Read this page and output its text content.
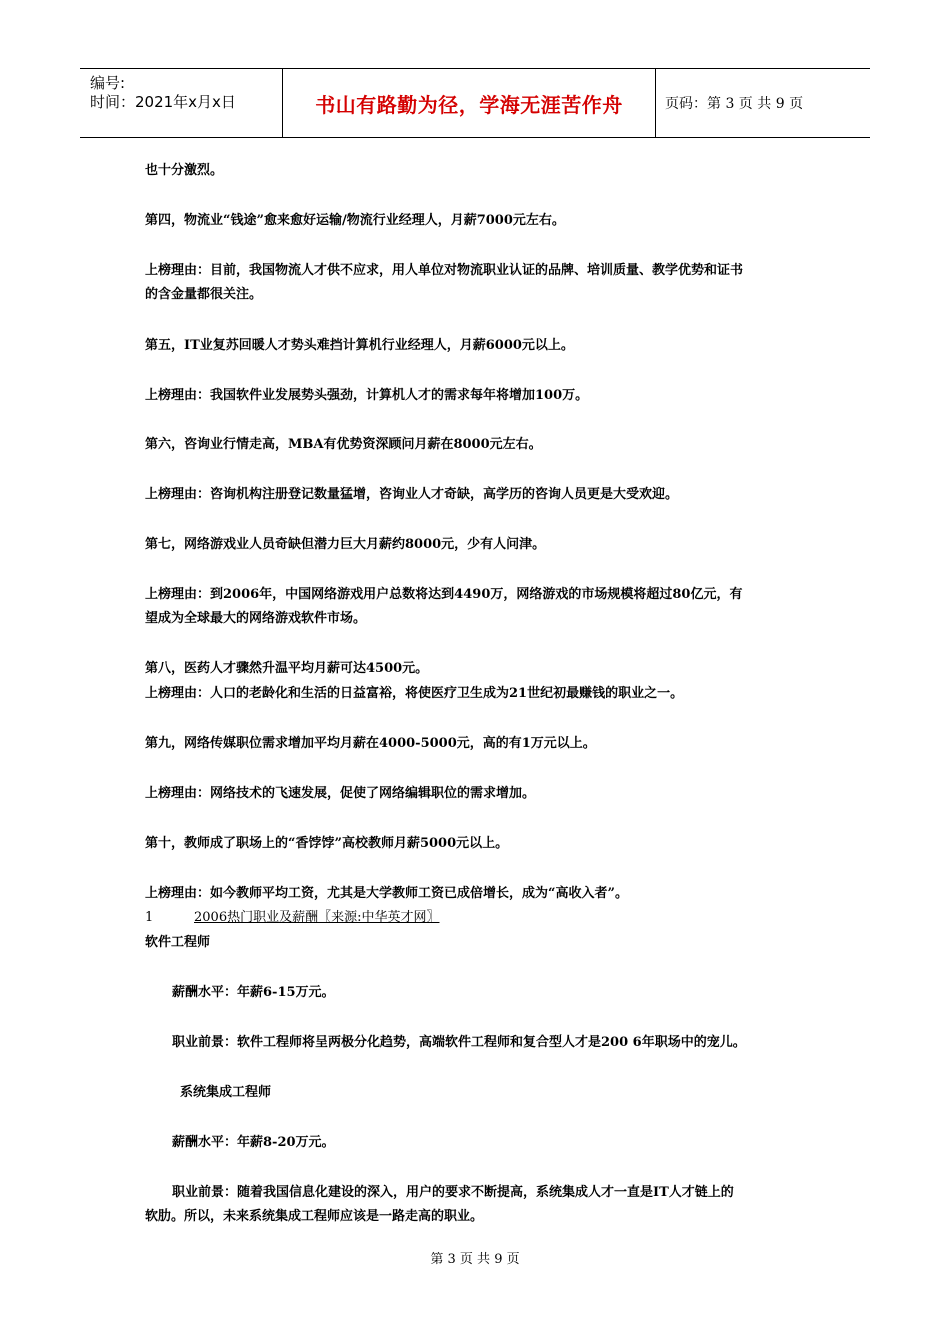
编号:
时间：2021年x月x日	书山有路勤为径，学海无涯苦作舟	页码：第 3 页 共 9 页
也十分激烈。
第四，物流业“钱途”愈来愈好运输/物流行业经理人，月薪7000元左右。
上榜理由：目前，我国物流人才供不应求，用人单位对物流职业认证的品牌、培训质量、教学优势和证书
的含金量都很关注。
第五，IT业复苏回暖人才势头难挡计算机行业经理人，月薪6000元以上。
上榜理由：我国软件业发展势头强劲，计算机人才的需求每年将增加100万。
第六，咨询业行情走高，MBA有优势资深顾问月薪在8000元左右。
上榜理由：咨询机构注册登记数量猛增，咨询业人才奇缺，高学历的咨询人员更是大受欢迎。
第七，网络游戏业人员奇缺但潜力巨大月薪约8000元，少有人问津。
上榜理由：到2006年，中国网络游戏用户总数将达到4490万，网络游戏的市场规模将超过80亿元，有
望成为全球最大的网络游戏软件市场。
第八，医药人才骤然升温平均月薪可达4500元。
上榜理由：人口的老龄化和生活的日益富裕，将使医疗卫生成为21世纪初最赚钱的职业之一。
第九，网络传媒职位需求增加平均月薪在4000-5000元，高的有1万元以上。
上榜理由：网络技术的飞速发展，促使了网络编辑职位的需求增加。
第十，教师成了职场上的“香饽饽”高校教师月薪5000元以上。
上榜理由：如今教师平均工资，尤其是大学教师工资已成倍增长，成为“高收入者”。
1	2006热门职业及薪酬〖来源:中华英才网〗
软件工程师
薪酬水平：年薪6-15万元。
职业前景：软件工程师将呈两极分化趋势，高端软件工程师和复合型人才是200 6年职场中的宠儿。
系统集成工程师
薪酬水平：年薪8-20万元。
职业前景：随着我国信息化建设的深入，用户的要求不断提高，系统集成人才一直是IT人才链上的
软肋。所以，未来系统集成工程师应该是一路走高的职业。
第 3 页 共 9 页
